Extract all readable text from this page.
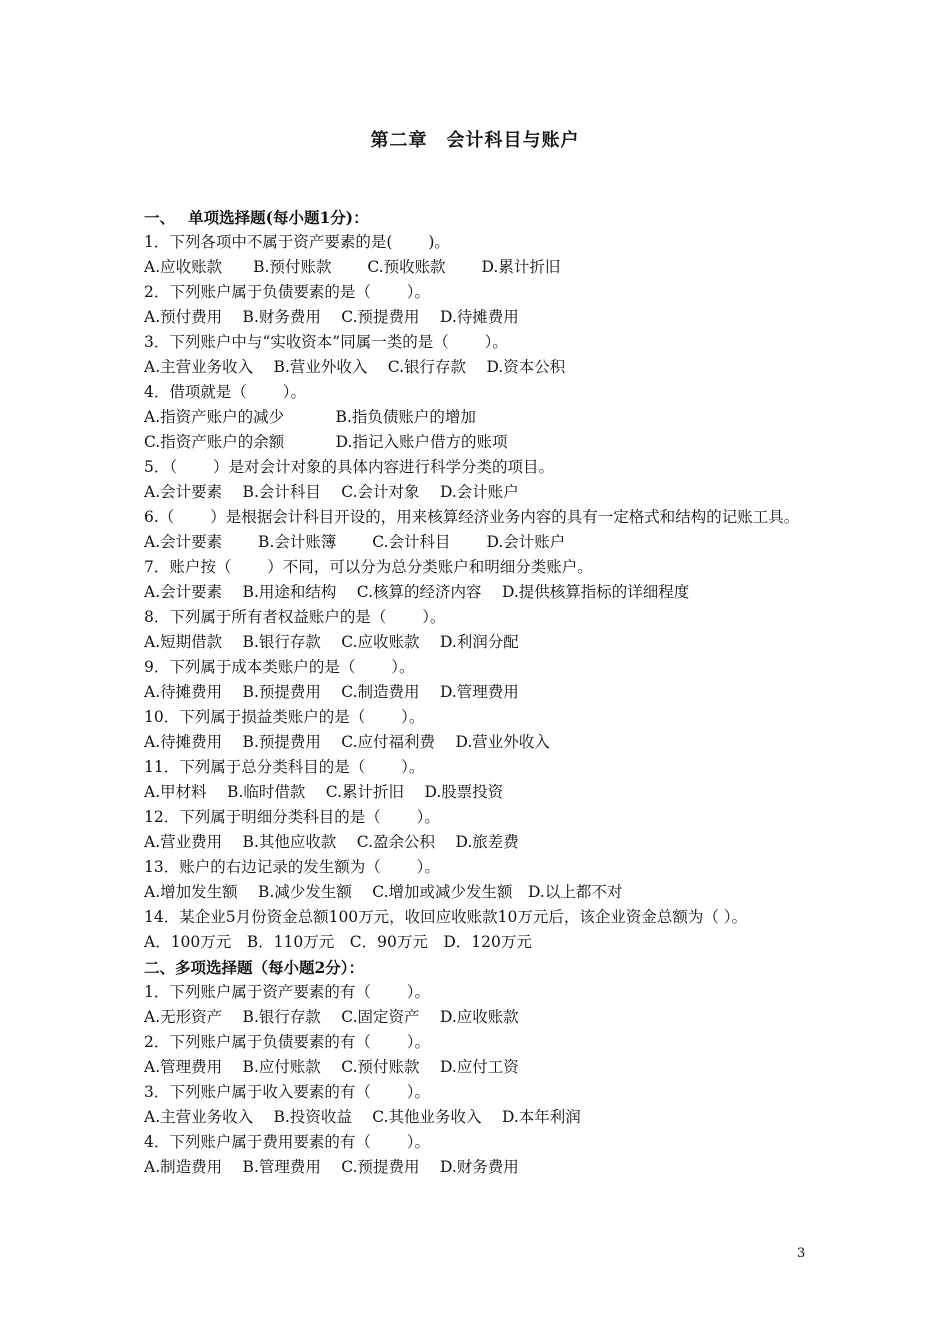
第二章　会计科目与账户
一、　 单项选择题(每小题1分)：
1．下列各项中不属于资产要素的是(　　 )。
A.应收账款　　B.预付账款　　 C.预收账款　　 D.累计折旧
2．下列账户属于负债要素的是（　　 ）。
A.预付费用　 B.财务费用　 C.预提费用　 D.待摊费用
3．下列账户中与“实收资本”同属一类的是（　　 ）。
A.主营业务收入　 B.营业外收入　 C.银行存款　 D.资本公积
4．借项就是（　　 ）。
A.指资产账户的减少　　　 B.指负债账户的增加
C.指资产账户的余额　　　 D.指记入账户借方的账项
5．（　　 ）是对会计对象的具体内容进行科学分类的项目。
A.会计要素　 B.会计科目　 C.会计对象　 D.会计账户
6.（　　 ）是根据会计科目开设的，用来核算经济业务内容的具有一定格式和结构的记账工具。
A.会计要素　　 B.会计账簿　　 C.会计科目　　 D.会计账户
7．账户按（　　 ）不同，可以分为总分类账户和明细分类账户。
A.会计要素　 B.用途和结构　 C.核算的经济内容　 D.提供核算指标的详细程度
8．下列属于所有者权益账户的是（　　 ）。
A.短期借款　 B.银行存款　 C.应收账款　 D.利润分配
9．下列属于成本类账户的是（　　 ）。
A.待摊费用　 B.预提费用　 C.制造费用　 D.管理费用
10．下列属于损益类账户的是（　　 ）。
A.待摊费用　 B.预提费用　 C.应付福利费　 D.营业外收入
11．下列属于总分类科目的是（　　 ）。
A.甲材料　 B.临时借款　 C.累计折旧　 D.股票投资
12．下列属于明细分类科目的是（　　 ）。
A.营业费用　 B.其他应收款　 C.盈余公积　 D.旅差费
13．账户的右边记录的发生额为（　　 ）。
A.增加发生额　 B.减少发生额　 C.增加或减少发生额　D.以上都不对
14．某企业5月份资金总额100万元，收回应收账款10万元后，该企业资金总额为（ ）。
A．100万元　B．110万元　C．90万元　D．120万元
二、多项选择题（每小题2分）：
1．下列账户属于资产要素的有（　　 ）。
A.无形资产　 B.银行存款　 C.固定资产　 D.应收账款
2．下列账户属于负债要素的有（　　 ）。
A.管理费用　 B.应付账款　 C.预付账款　 D.应付工资
3．下列账户属于收入要素的有（　　 ）。
A.主营业务收入　 B.投资收益　 C.其他业务收入　 D.本年利润
4．下列账户属于费用要素的有（　　 ）。
A.制造费用　 B.管理费用　 C.预提费用　 D.财务费用
3
